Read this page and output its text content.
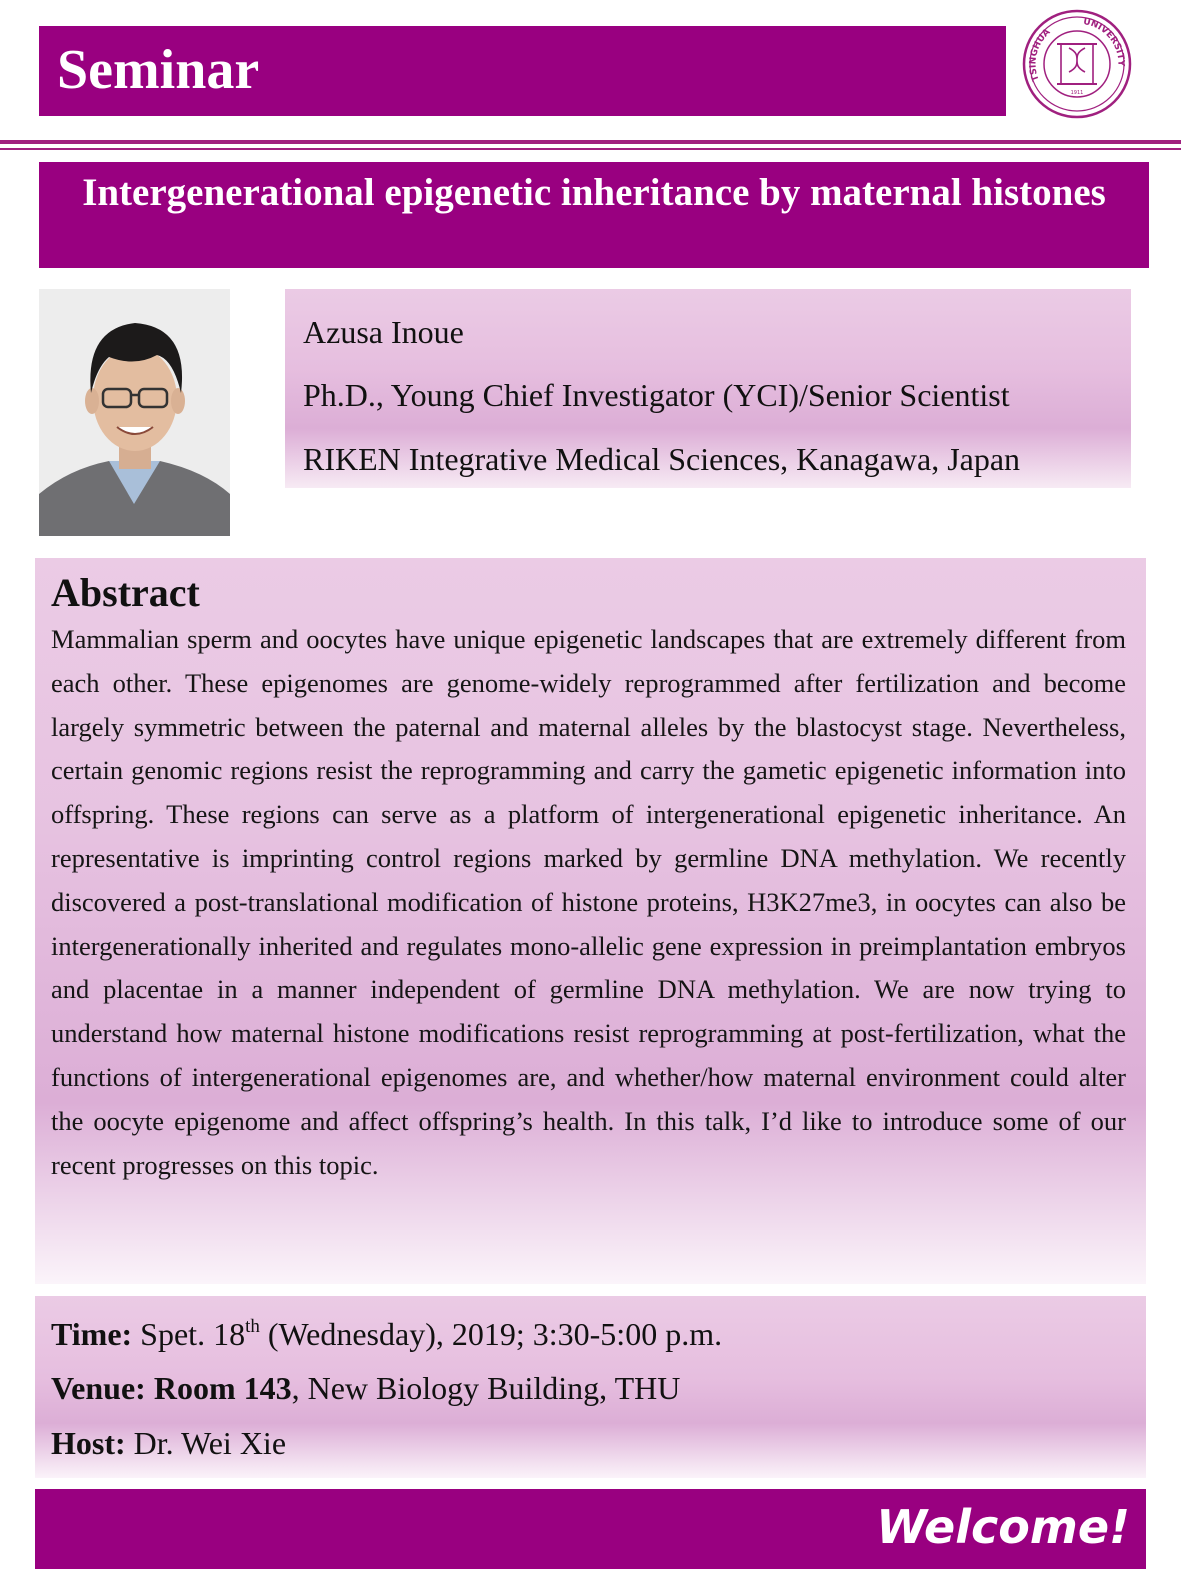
Seminar	TSINGHUA
UNIVERSITY
1911
Intergenerational epigenetic inheritance by maternal histones
Azusa Inoue
Ph.D., Young Chief Investigator (YCI)/Senior Scientist
RIKEN Integrative Medical Sciences, Kanagawa, Japan
Abstract

Mammalian sperm and oocytes have unique epigenetic landscapes that are extremely different from each other. These epigenomes are genome-widely reprogrammed after fertilization and become largely symmetric between the paternal and maternal alleles by the blastocyst stage. Nevertheless, certain genomic regions resist the reprogramming and carry the gametic epigenetic information into offspring. These regions can serve as a platform of intergenerational epigenetic inheritance. An representative is imprinting control regions marked by germline DNA methylation. We recently discovered a post-translational modification of histone proteins, H3K27me3, in oocytes can also be intergenerationally inherited and regulates mono-allelic gene expression in preimplantation embryos and placentae in a manner independent of germline DNA methylation. We are now trying to understand how maternal histone modifications resist reprogramming at post-fertilization, what the functions of intergenerational epigenomes are, and whether/how maternal environment could alter the oocyte epigenome and affect offspring’s health. In this talk, I’d like to introduce some of our recent progresses on this topic.

Time: Spet. 18th (Wednesday), 2019; 3:30-5:00 p.m.
Venue: Room 143, New Biology Building, THU
Host: Dr. Wei Xie
Welcome!
